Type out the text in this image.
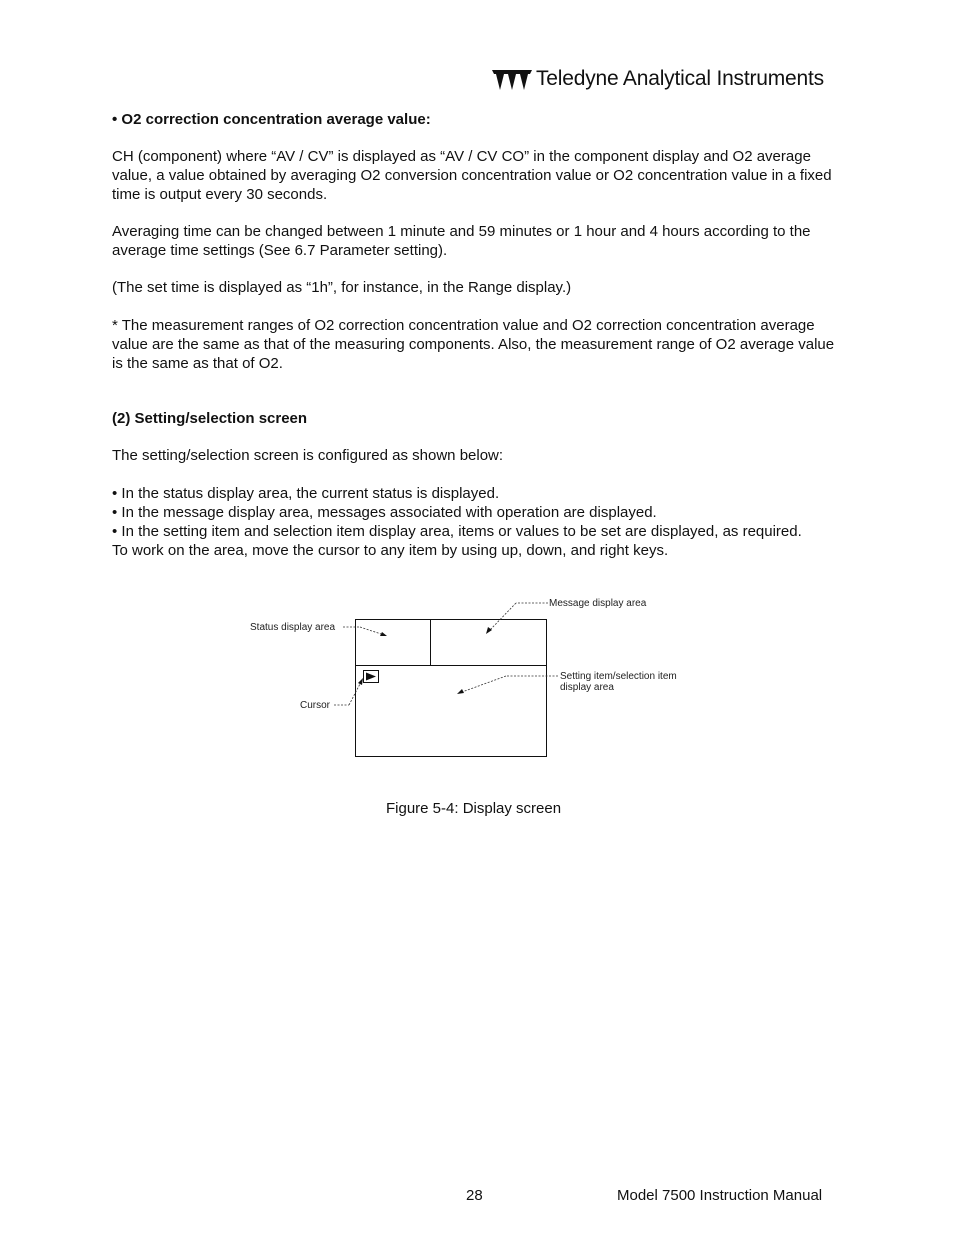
Teledyne Analytical Instruments

• O2 correction concentration average value:

CH (component) where “AV / CV” is displayed as “AV / CV CO” in the component display and O2 average value, a value obtained by averaging O2 conversion concentration value or O2 concentration value in a fixed time is output every 30 seconds.

Averaging time can be changed between 1 minute and 59 minutes or 1 hour and 4 hours according to the average time settings (See 6.7 Parameter setting).

(The set time is displayed as “1h”, for instance, in the Range display.)

* The measurement ranges of O2 correction concentration value and O2 correction concentration average value are the same as that of the measuring components. Also, the measurement range of O2 average value is the same as that of O2.

(2) Setting/selection screen

The setting/selection screen is configured as shown below:

• In the status display area, the current status is displayed.
• In the message display area, messages associated with operation are displayed.
• In the setting item and selection item display area, items or values to be set are displayed, as required.
To work on the area, move the cursor to any item by using up, down, and right keys.
Status display area
Message display area
Setting item/selection item
display area
Cursor
Figure 5-4: Display screen
28	Model 7500 Instruction Manual
